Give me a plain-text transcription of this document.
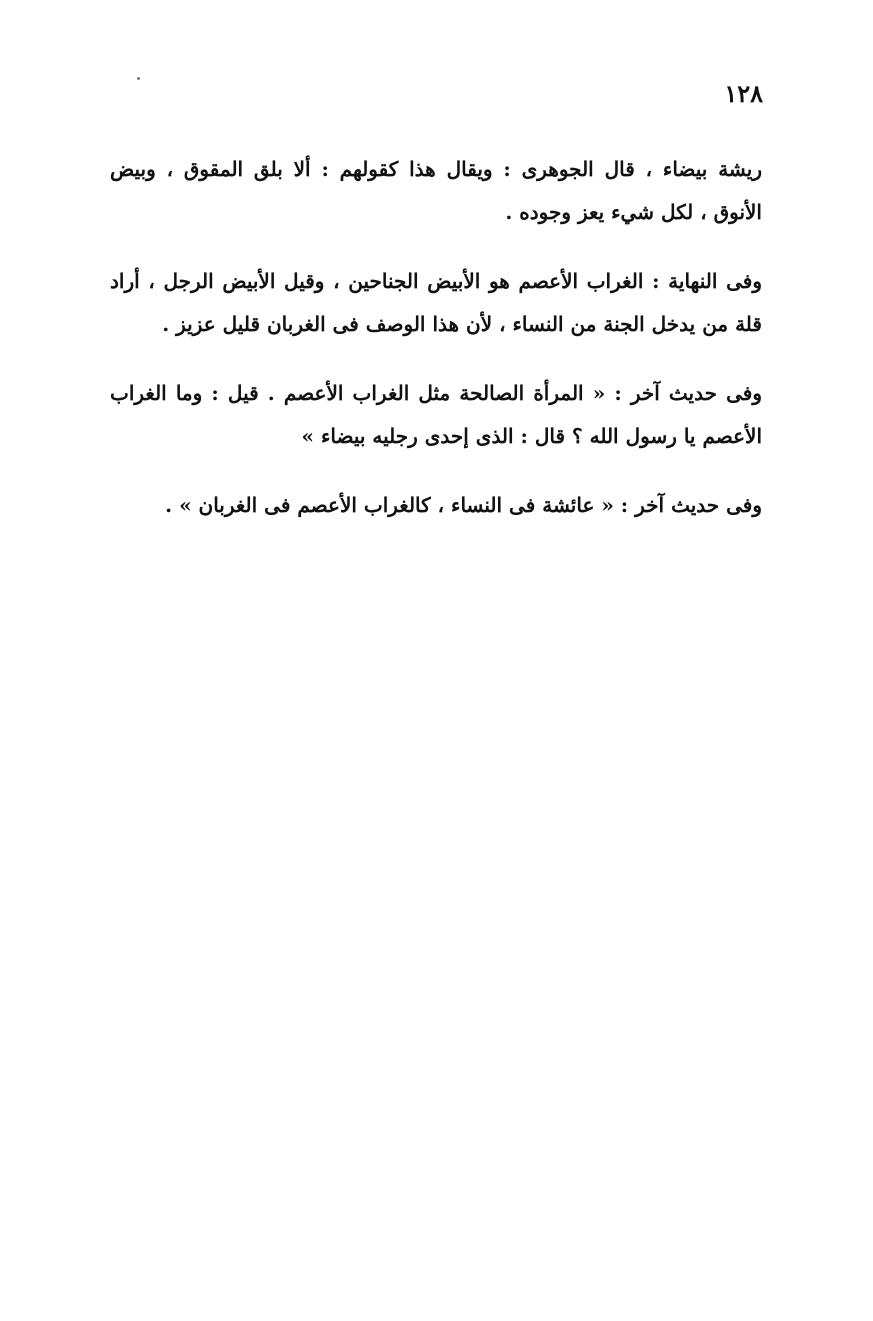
١٢٨

ريشة بيضاء ، قال الجوهرى : ويقال هذا كقولهم : ألا بلق المقوق ، وبيض الأنوق ، لكل شيء يعز وجوده .

وفى النهاية : الغراب الأعصم هو الأبيض الجناحين ، وقيل الأبيض الرجل ، أراد قلة من يدخل الجنة من النساء ، لأن هذا الوصف فى الغربان قليل عزيز .

وفى حديث آخر : « المرأة الصالحة مثل الغراب الأعصم . قيل : وما الغراب الأعصم يا رسول الله ؟ قال : الذى إحدى رجليه بيضاء »

وفى حديث آخر : « عائشة فى النساء ، كالغراب الأعصم فى الغربان » .
